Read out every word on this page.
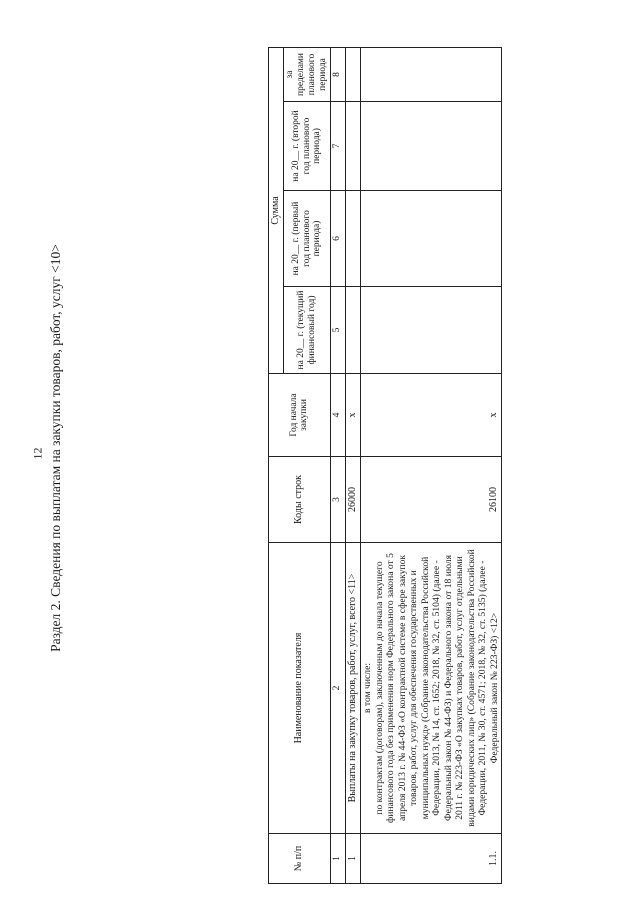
12 Раздел 2. Сведения по выплатам на закупки товаров, работ, услуг <10>
№ п/п	Наименование показателя	Коды строк	Год начала закупки	Сумма			
				на 20__ г. (текущий финансовый год)	на 20__ г. (первый год планового периода)	на 20__ г. (второй год планового периода)	за пределами планового периода
1	2	3	4	5	6	7	8
1	Выплаты на закупку товаров, работ, услуг, всего <11>	26000	х				
1.1.	в том числе:
по контрактам (договорам), заключенным до начала текущего финансового года без применения норм Федерального закона от 5 апреля 2013 г. № 44-ФЗ «О контрактной системе в сфере закупок товаров, работ, услуг для обеспечения государственных и муниципальных нужд» (Собрание законодательства Российской Федерации, 2013, № 14, ст. 1652; 2018, № 32, ст. 5104) (далее - Федеральный закон № 44-ФЗ) и Федерального закона от 18 июля 2011 г. № 223-ФЗ «О закупках товаров, работ, услуг отдельными видами юридических лиц» (Собрание законодательства Российской Федерации, 2011, № 30, ст. 4571; 2018, № 32, ст. 5135) (далее - Федеральный закон № 223-ФЗ) <12>	26100	х				
